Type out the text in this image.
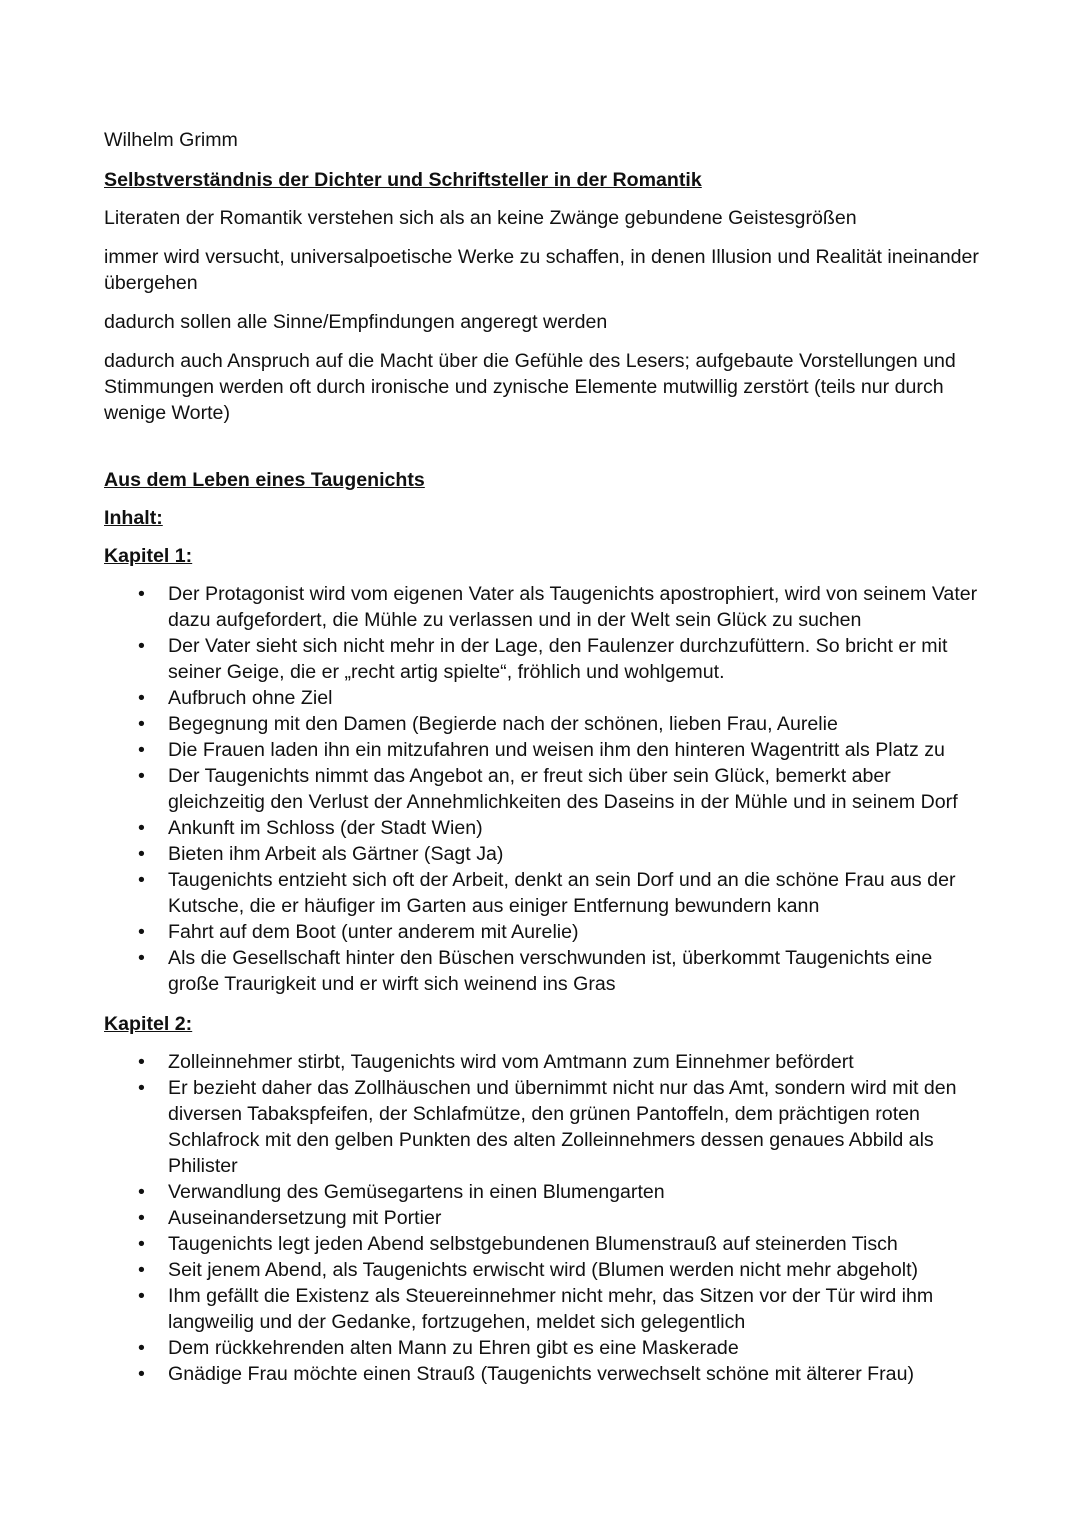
Wilhelm Grimm

Selbstverständnis der Dichter und Schriftsteller in der Romantik

Literaten der Romantik verstehen sich als an keine Zwänge gebundene Geistesgrößen

immer wird versucht, universalpoetische Werke zu schaffen, in denen Illusion und Realität ineinander übergehen

dadurch sollen alle Sinne/Empfindungen angeregt werden

dadurch auch Anspruch auf die Macht über die Gefühle des Lesers; aufgebaute Vorstellungen und Stimmungen werden oft durch ironische und zynische Elemente mutwillig zerstört (teils nur durch wenige Worte)

Aus dem Leben eines Taugenichts

Inhalt:

Kapitel 1:

• Der Protagonist wird vom eigenen Vater als Taugenichts apostrophiert, wird von seinem Vater dazu aufgefordert, die Mühle zu verlassen und in der Welt sein Glück zu suchen
• Der Vater sieht sich nicht mehr in der Lage, den Faulenzer durchzufüttern. So bricht er mit seiner Geige, die er „recht artig spielte“, fröhlich und wohlgemut.
• Aufbruch ohne Ziel
• Begegnung mit den Damen (Begierde nach der schönen, lieben Frau, Aurelie
• Die Frauen laden ihn ein mitzufahren und weisen ihm den hinteren Wagentritt als Platz zu
• Der Taugenichts nimmt das Angebot an, er freut sich über sein Glück, bemerkt aber gleichzeitig den Verlust der Annehmlichkeiten des Daseins in der Mühle und in seinem Dorf
• Ankunft im Schloss (der Stadt Wien)
• Bieten ihm Arbeit als Gärtner (Sagt Ja)
• Taugenichts entzieht sich oft der Arbeit, denkt an sein Dorf und an die schöne Frau aus der Kutsche, die er häufiger im Garten aus einiger Entfernung bewundern kann
• Fahrt auf dem Boot (unter anderem mit Aurelie)
• Als die Gesellschaft hinter den Büschen verschwunden ist, überkommt Taugenichts eine große Traurigkeit und er wirft sich weinend ins Gras

Kapitel 2:

• Zolleinnehmer stirbt, Taugenichts wird vom Amtmann zum Einnehmer befördert
• Er bezieht daher das Zollhäuschen und übernimmt nicht nur das Amt, sondern wird mit den diversen Tabakspfeifen, der Schlafmütze, den grünen Pantoffeln, dem prächtigen roten Schlafrock mit den gelben Punkten des alten Zolleinnehmers dessen genaues Abbild als Philister
• Verwandlung des Gemüsegartens in einen Blumengarten
• Auseinandersetzung mit Portier
• Taugenichts legt jeden Abend selbstgebundenen Blumenstrauß auf steinerden Tisch
• Seit jenem Abend, als Taugenichts erwischt wird (Blumen werden nicht mehr abgeholt)
• Ihm gefällt die Existenz als Steuereinnehmer nicht mehr, das Sitzen vor der Tür wird ihm langweilig und der Gedanke, fortzugehen, meldet sich gelegentlich
• Dem rückkehrenden alten Mann zu Ehren gibt es eine Maskerade
• Gnädige Frau möchte einen Strauß (Taugenichts verwechselt schöne mit älterer Frau)
